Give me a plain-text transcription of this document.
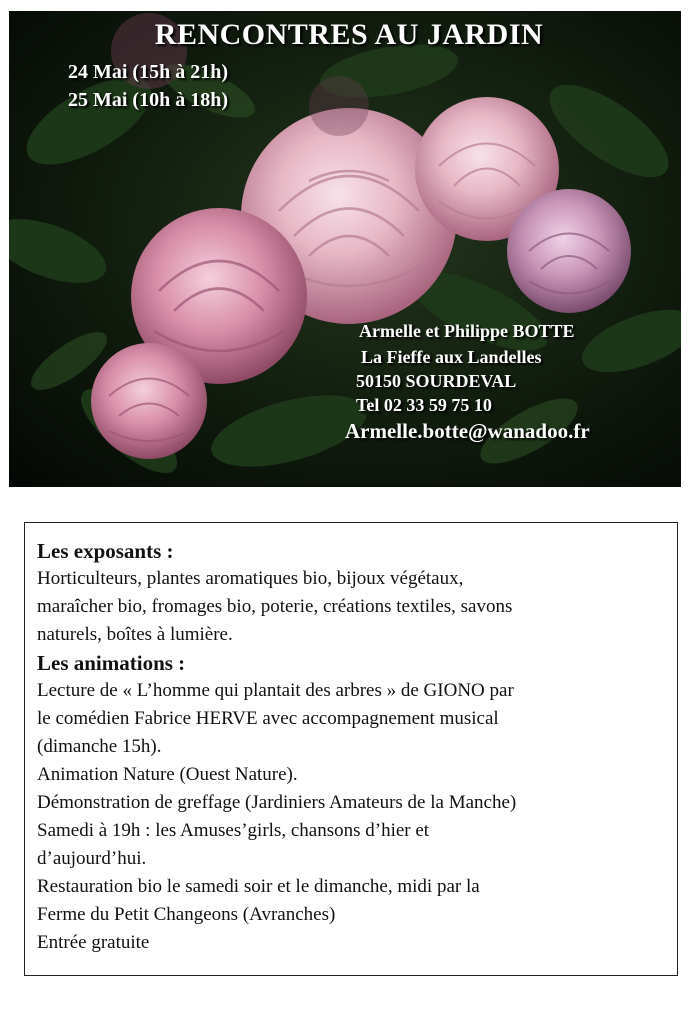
RENCONTRES AU JARDIN
24 Mai (15h à 21h)
25 Mai (10h à 18h)
Armelle et Philippe BOTTE
La Fieffe aux Landelles
50150 SOURDEVAL
Tel 02 33 59 75 10
Armelle.botte@wanadoo.fr
Les exposants :

Horticulteurs, plantes aromatiques bio, bijoux végétaux,

maraîcher bio, fromages bio, poterie, créations textiles, savons

naturels, boîtes à lumière.

Les animations :

Lecture de « L’homme qui plantait des arbres » de GIONO par

le comédien Fabrice HERVE avec accompagnement musical

(dimanche 15h).

Animation Nature (Ouest Nature).

Démonstration de greffage (Jardiniers Amateurs de la Manche)

Samedi à 19h : les Amuses’girls, chansons d’hier et

d’aujourd’hui.

Restauration bio le samedi soir et le dimanche, midi par la

Ferme du Petit Changeons (Avranches)

Entrée gratuite
